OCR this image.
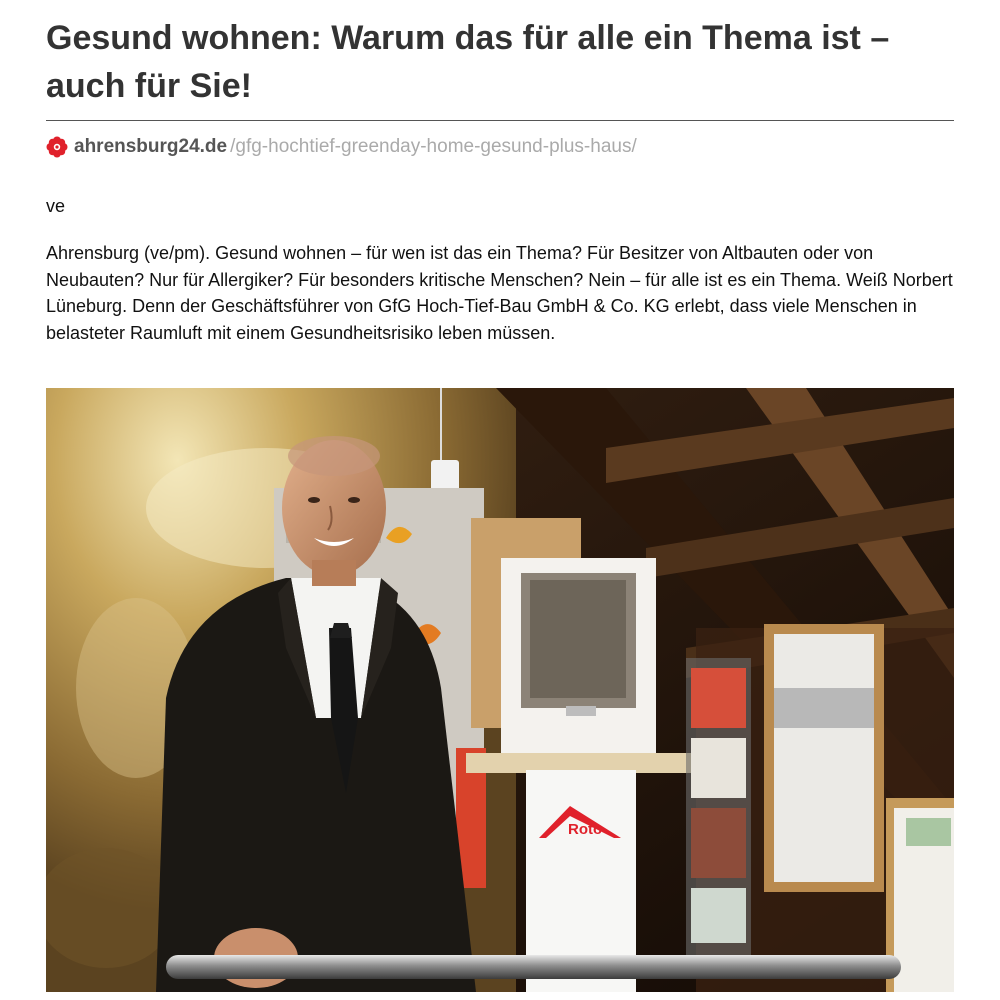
Gesund wohnen: Warum das für alle ein Thema ist – auch für Sie!
ahrensburg24.de /gfg-hochtief-greenday-home-gesund-plus-haus/

ve

Ahrensburg (ve/pm). Gesund wohnen – für wen ist das ein Thema? Für Besitzer von Altbauten oder von Neubauten? Nur für Allergiker? Für besonders kritische Menschen? Nein – für alle ist es ein Thema. Weiß Norbert Lüneburg. Denn der Geschäftsführer von GfG Hoch-Tief-Bau GmbH & Co. KG erlebt, dass viele Menschen in belasteter Raumluft mit einem Gesundheitsrisiko leben müssen.

Roto
